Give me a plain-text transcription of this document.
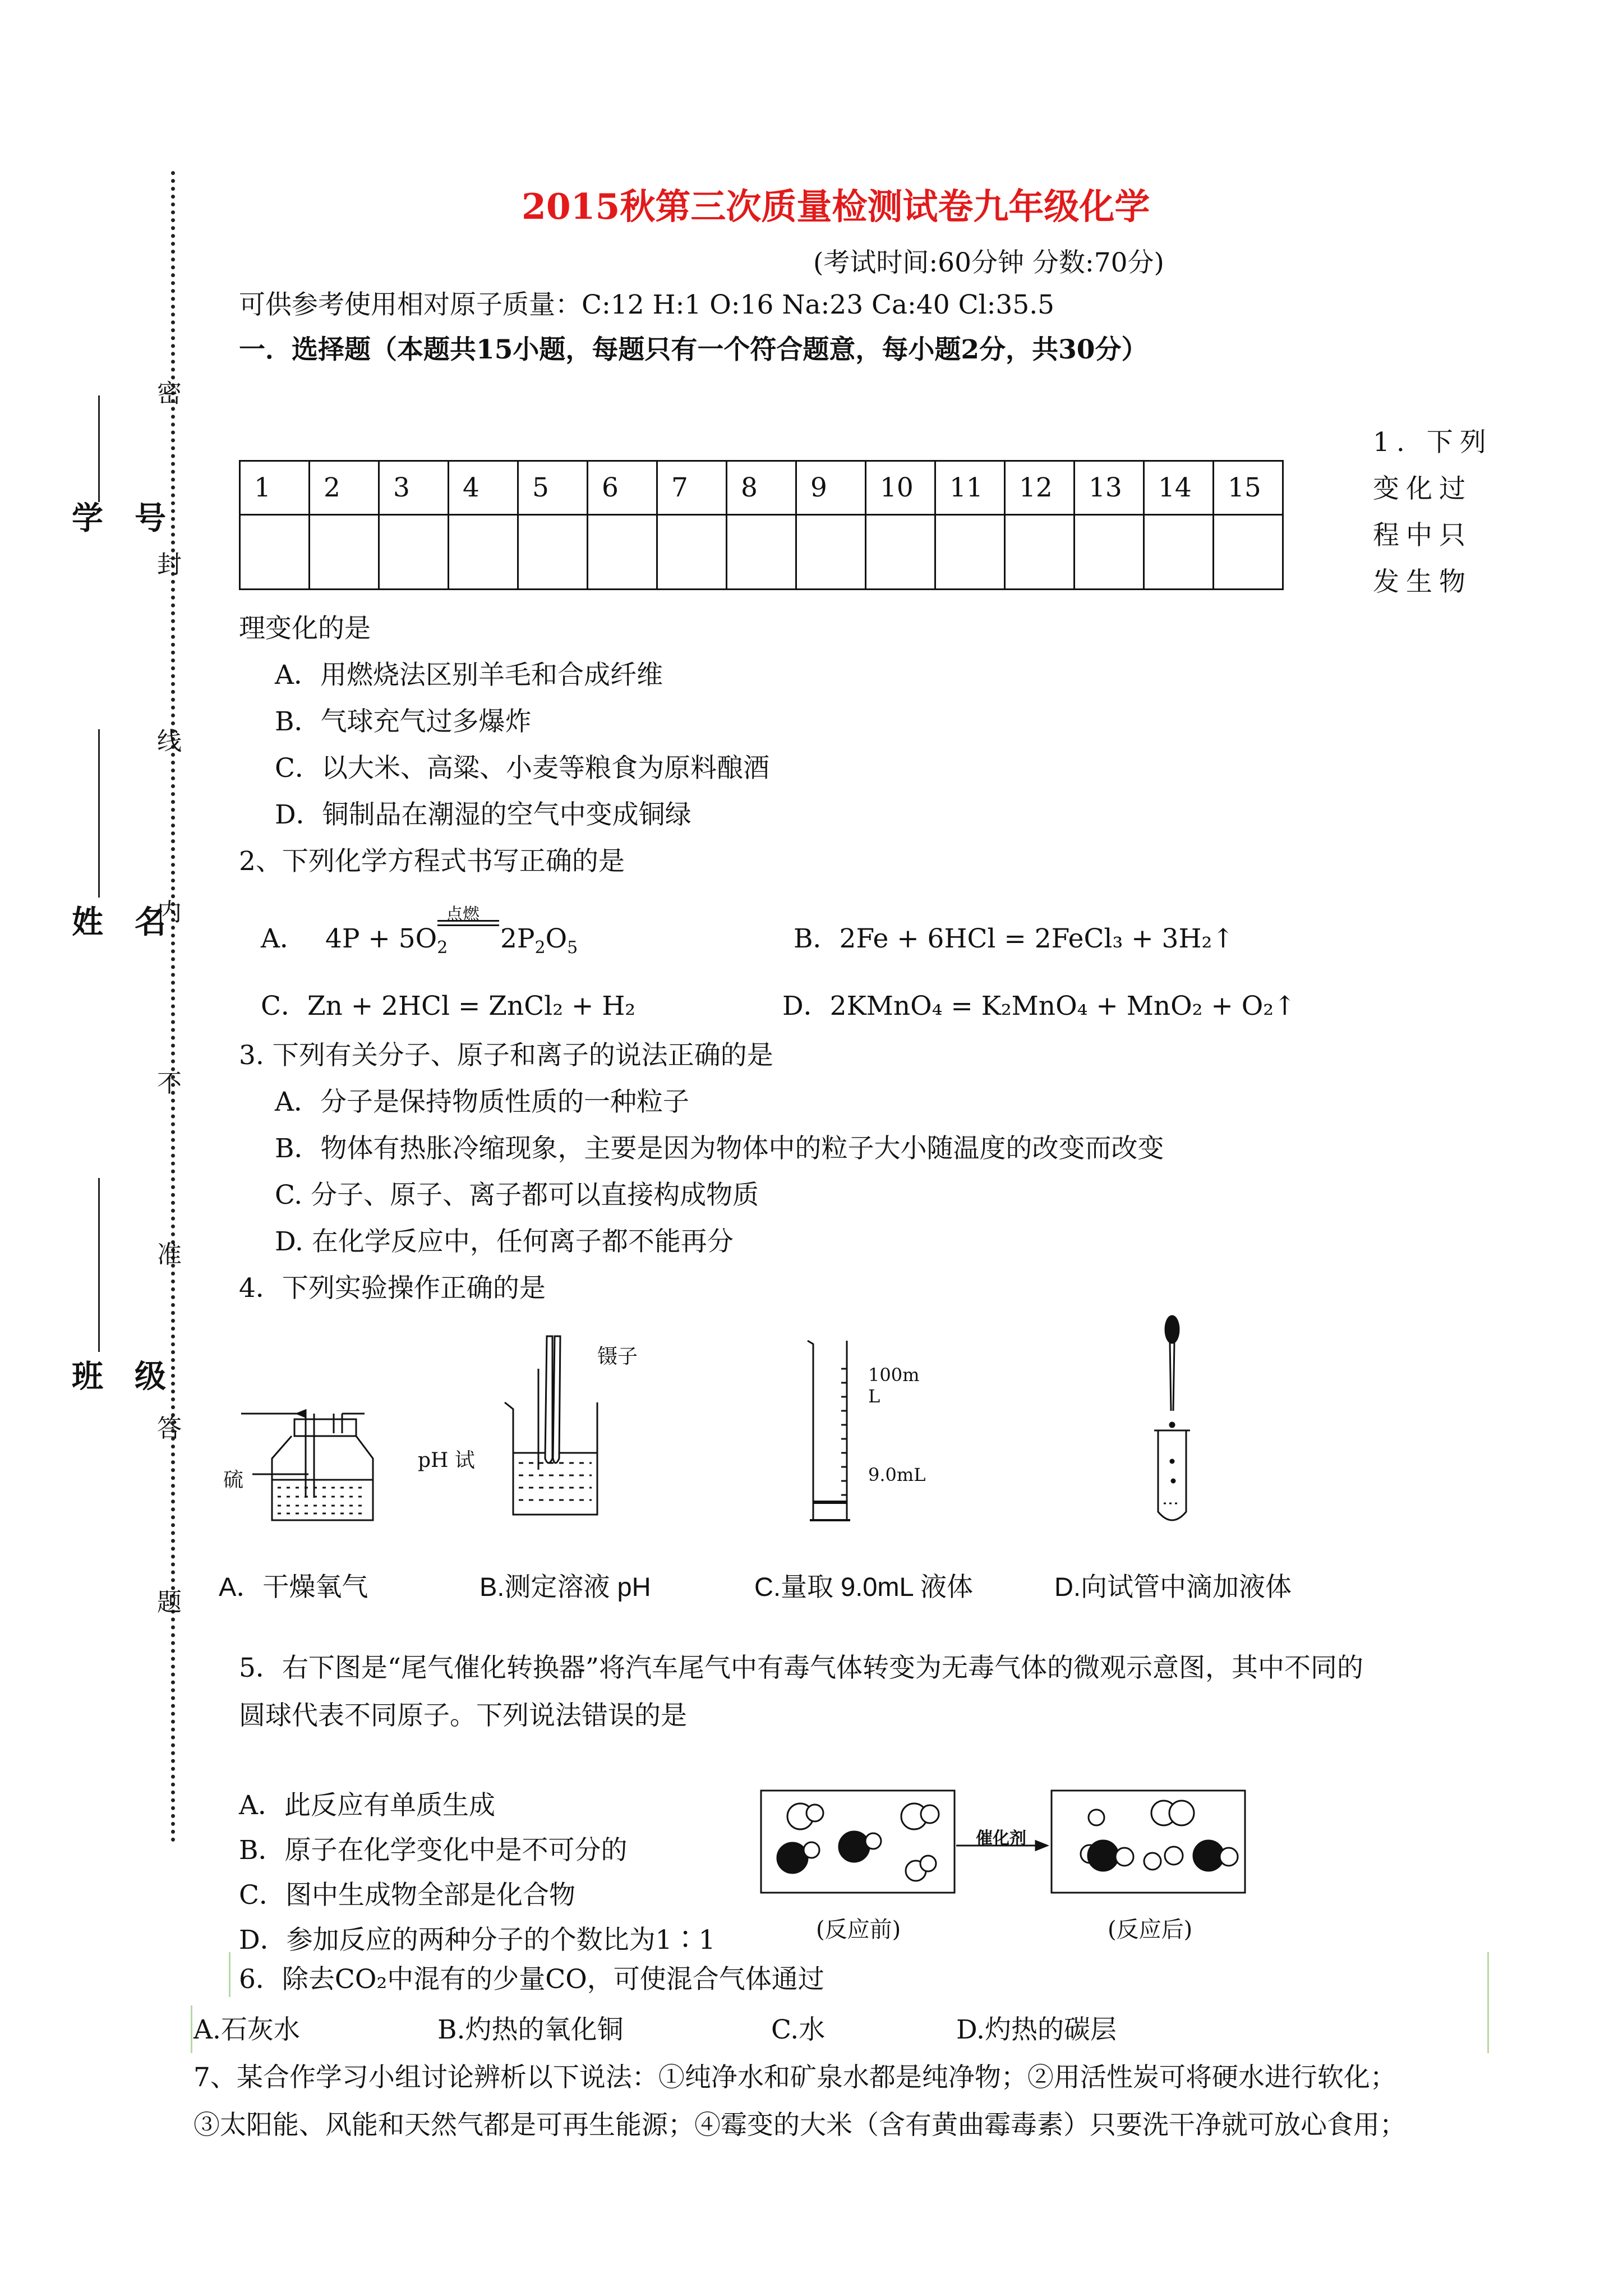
学　号
姓　名
班　级
密
封
线
内
不
准
答
题
2015秋第三次质量检测试卷九年级化学
(考试时间:60分钟 分数:70分)
可供参考使用相对原子质量：C:12 H:1 O:16 Na:23 Ca:40 Cl:35.5
一．选择题（本题共15小题，每题只有一个符合题意，每小题2分，共30分）
1	2	3	4	5	6	7	8	9	10	11	12	13	14	15

1. 下列
变化过
程中只
发生物
理变化的是
A．用燃烧法区别羊毛和合成纤维
B．气球充气过多爆炸
C．以大米、高粱、小麦等粮食为原料酿酒
D．铜制品在潮湿的空气中变成铜绿
2、下列化学方程式书写正确的是
点燃
A． $4P + 5O_2$ $2P_2O_5$	B．2Fe + 6HCl = 2FeCl₃ + 3H₂↑
C．Zn + 2HCl = ZnCl₂ + H₂	D．2KMnO₄ = K₂MnO₄ + MnO₂ + O₂↑
3. 下列有关分子、原子和离子的说法正确的是
A．分子是保持物质性质的一种粒子
B．物体有热胀冷缩现象，主要是因为物体中的粒子大小随温度的改变而改变
C. 分子、原子、离子都可以直接构成物质
D. 在化学反应中，任何离子都不能再分
4．下列实验操作正确的是
硫
镊子
pH 试
100m
L
9.0mL
A．干燥氧气	B.测定溶液 pH	C.量取 9.0mL 液体	D.向试管中滴加液体
5．右下图是“尾气催化转换器”将汽车尾气中有毒气体转变为无毒气体的微观示意图，其中不同的
圆球代表不同原子。下列说法错误的是
A．此反应有单质生成
B．原子在化学变化中是不可分的
C．图中生成物全部是化合物
D．参加反应的两种分子的个数比为1∶1
催化剂
(反应前)	(反应后)
6．除去CO₂中混有的少量CO，可使混合气体通过
A.石灰水	B.灼热的氧化铜	C.水	D.灼热的碳层
7、某合作学习小组讨论辨析以下说法：①纯净水和矿泉水都是纯净物；②用活性炭可将硬水进行软化；
③太阳能、风能和天然气都是可再生能源；④霉变的大米（含有黄曲霉毒素）只要洗干净就可放心食用；
